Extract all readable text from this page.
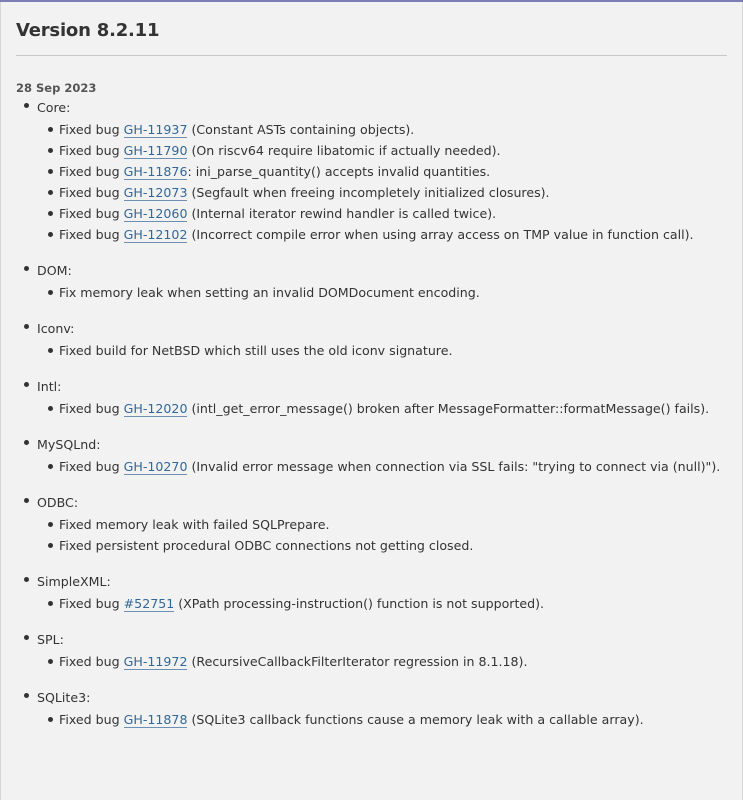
Version 8.2.11
28 Sep 2023
Core:
Fixed bug GH-11937 (Constant ASTs containing objects).
Fixed bug GH-11790 (On riscv64 require libatomic if actually needed).
Fixed bug GH-11876: ini_parse_quantity() accepts invalid quantities.
Fixed bug GH-12073 (Segfault when freeing incompletely initialized closures).
Fixed bug GH-12060 (Internal iterator rewind handler is called twice).
Fixed bug GH-12102 (Incorrect compile error when using array access on TMP value in function call).
DOM:
Fix memory leak when setting an invalid DOMDocument encoding.
Iconv:
Fixed build for NetBSD which still uses the old iconv signature.
Intl:
Fixed bug GH-12020 (intl_get_error_message() broken after MessageFormatter::formatMessage() fails).
MySQLnd:
Fixed bug GH-10270 (Invalid error message when connection via SSL fails: "trying to connect via (null)").
ODBC:
Fixed memory leak with failed SQLPrepare.
Fixed persistent procedural ODBC connections not getting closed.
SimpleXML:
Fixed bug #52751 (XPath processing-instruction() function is not supported).
SPL:
Fixed bug GH-11972 (RecursiveCallbackFilterIterator regression in 8.1.18).
SQLite3:
Fixed bug GH-11878 (SQLite3 callback functions cause a memory leak with a callable array).
